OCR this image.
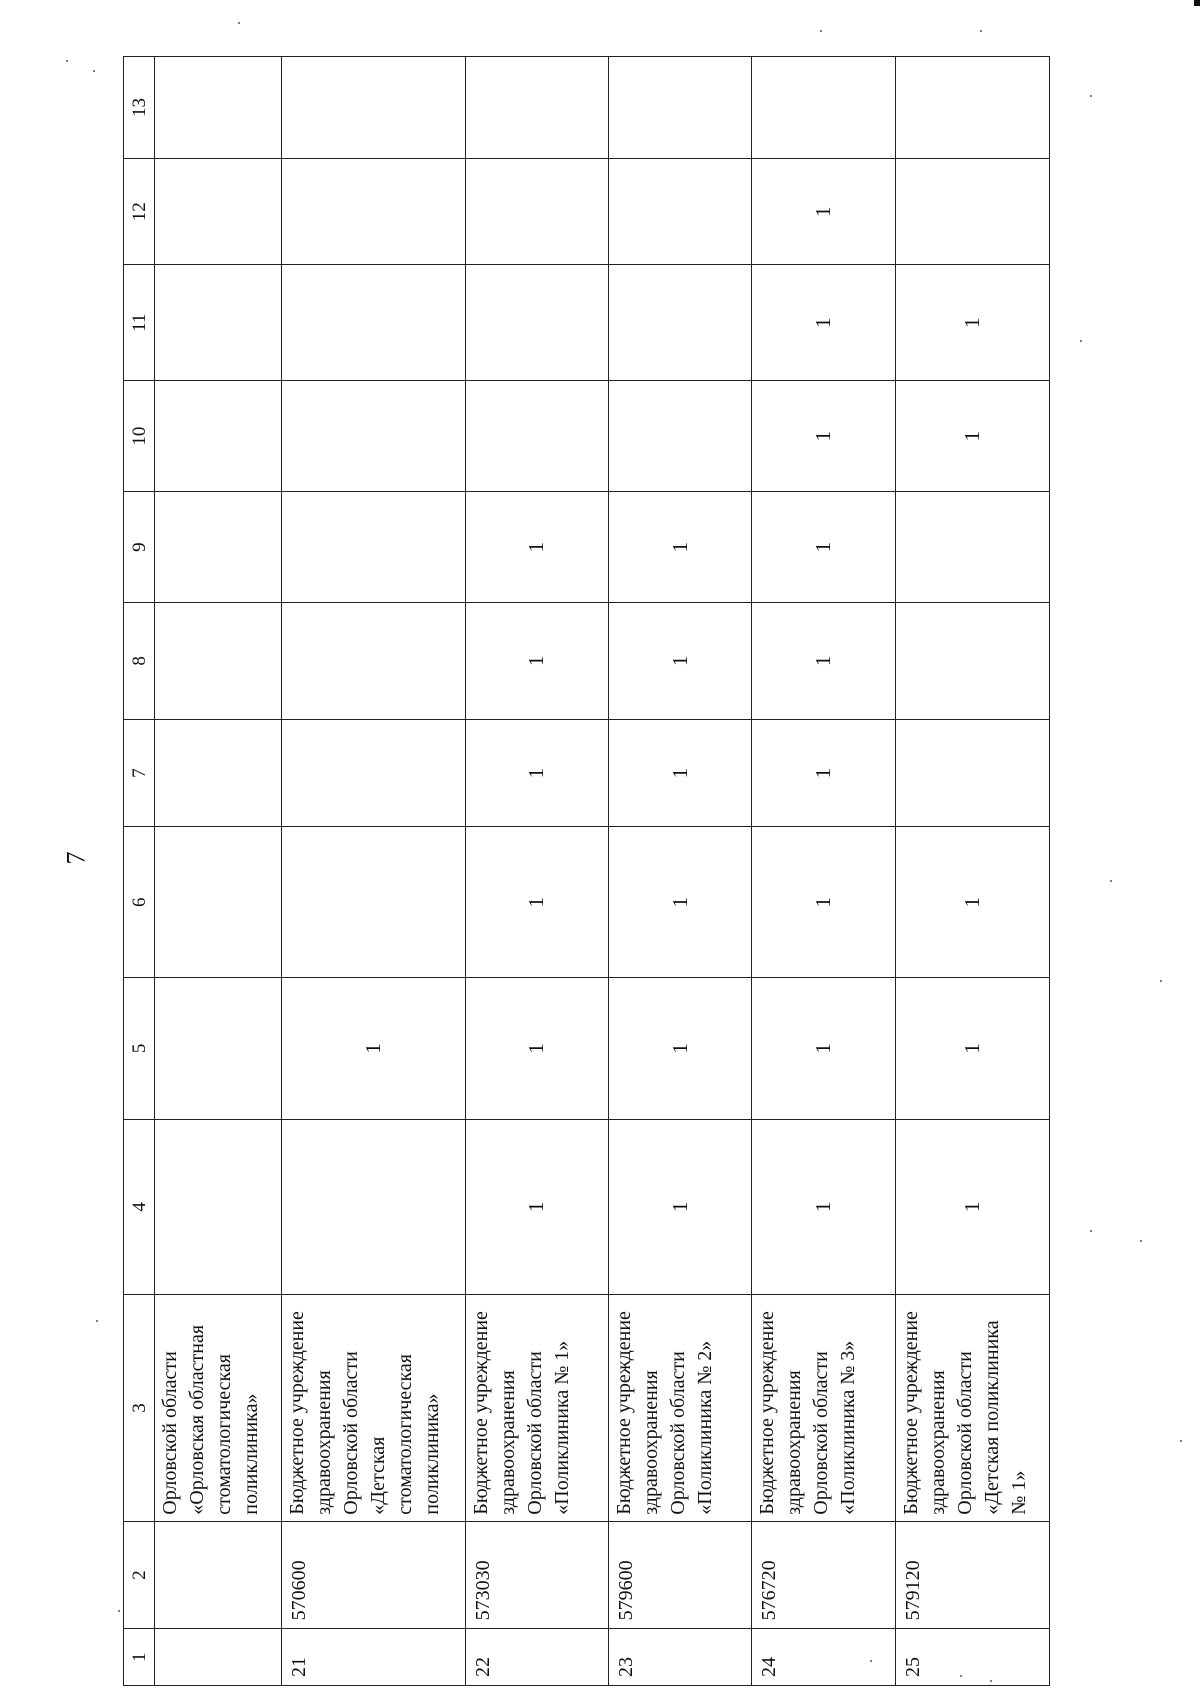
7
1	2	3	4	5	6	7	8	9	10	11	12	13
		Орловской области «Орловская областная стоматологическая поликлиника»										
21	570600	Бюджетное учреждение здравоохранения Орловской области «Детская стоматологическая поликлиника»		1								
22	573030	Бюджетное учреждение здравоохранения Орловской области «Поликлиника № 1»	1	1	1	1	1	1				
23	579600	Бюджетное учреждение здравоохранения Орловской области «Поликлиника № 2»	1	1	1	1	1	1				
24	576720	Бюджетное учреждение здравоохранения Орловской области «Поликлиника № 3»	1	1	1	1	1	1	1	1	1	
25	579120	Бюджетное учреждение здравоохранения Орловской области «Детская поликлиника № 1»	1	1	1				1	1		
